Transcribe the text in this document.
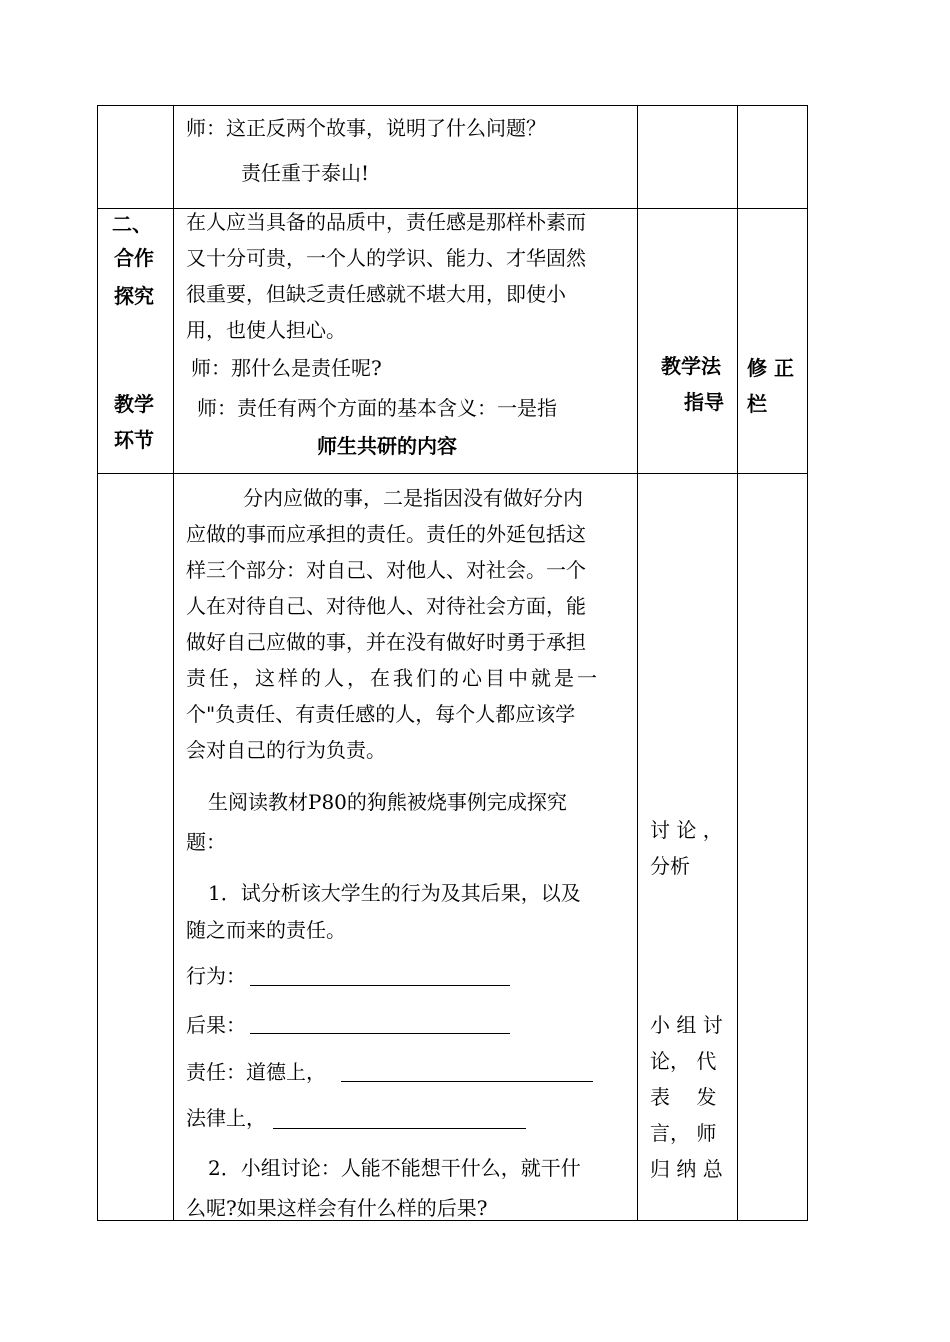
师：这正反两个故事，说明了什么问题？
责任重于泰山!
二、
合作
探究
教学
环节
在人应当具备的品质中，责任感是那样朴素而
又十分可贵，一个人的学识、能力、才华固然
很重要，但缺乏责任感就不堪大用，即使小
用，也使人担心。
师：那什么是责任呢?
师：责任有两个方面的基本含义：一是指
师生共研的内容
教学法
指导
修 正
栏
分内应做的事，二是指因没有做好分内
应做的事而应承担的责任。责任的外延包括这
样三个部分：对自己、对他人、对社会。一个
人在对待自己、对待他人、对待社会方面，能
做好自己应做的事，并在没有做好时勇于承担
责任，这样的人，在我们的心目中就是一
个"负责任、有责任感的人，每个人都应该学
会对自己的行为负责。
生阅读教材P80的狗熊被烧事例完成探究
题：
1．试分析该大学生的行为及其后果，以及
随之而来的责任。
行为：
后果：
责任：道德上，
法律上，
2．小组讨论：人能不能想干什么，就干什
么呢?如果这样会有什么样的后果?
讨 论 ，
分析
小 组 讨
论， 代
表　 发
言， 师
归 纳 总
